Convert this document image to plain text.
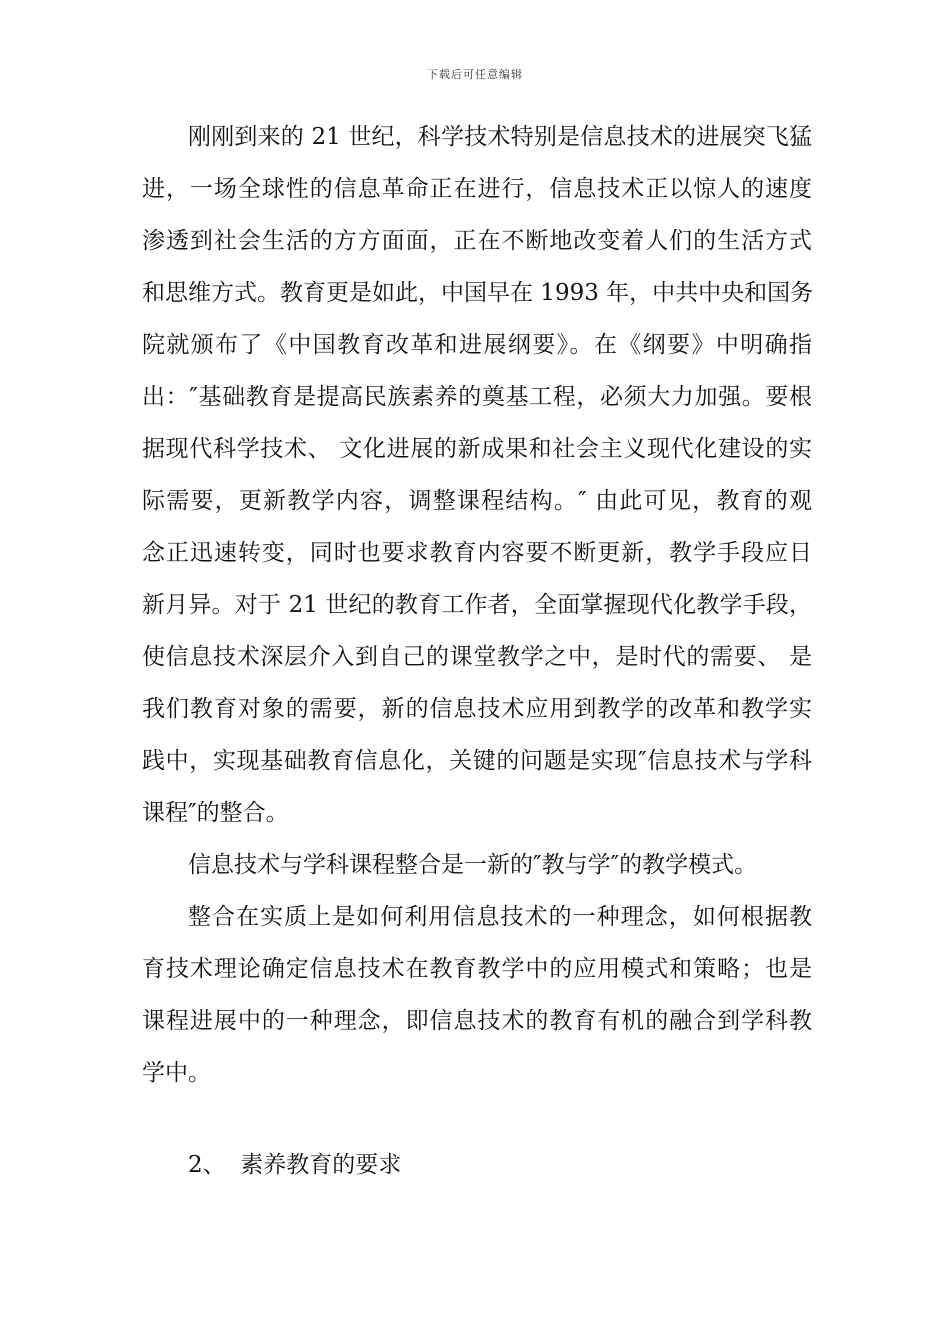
下载后可任意编辑
刚刚到来的 21 世纪，科学技术特别是信息技术的进展突飞猛
进，一场全球性的信息革命正在进行，信息技术正以惊人的速度
渗透到社会生活的方方面面，正在不断地改变着人们的生活方式
和思维方式。教育更是如此，中国早在 1993 年，中共中央和国务
院就颁布了《中国教育改革和进展纲要》。在《纲要》中明确指
出：″基础教育是提高民族素养的奠基工程，必须大力加强。要根
据现代科学技术、 文化进展的新成果和社会主义现代化建设的实
际需要，更新教学内容，调整课程结构。″ 由此可见，教育的观
念正迅速转变，同时也要求教育内容要不断更新，教学手段应日
新月异。对于 21 世纪的教育工作者，全面掌握现代化教学手段，
使信息技术深层介入到自己的课堂教学之中，是时代的需要、 是
我们教育对象的需要，新的信息技术应用到教学的改革和教学实
践中，实现基础教育信息化，关键的问题是实现″信息技术与学科
课程″的整合。
信息技术与学科课程整合是一新的″教与学″的教学模式。
整合在实质上是如何利用信息技术的一种理念，如何根据教
育技术理论确定信息技术在教育教学中的应用模式和策略；也是
课程进展中的一种理念，即信息技术的教育有机的融合到学科教
学中。
2、  素养教育的要求
